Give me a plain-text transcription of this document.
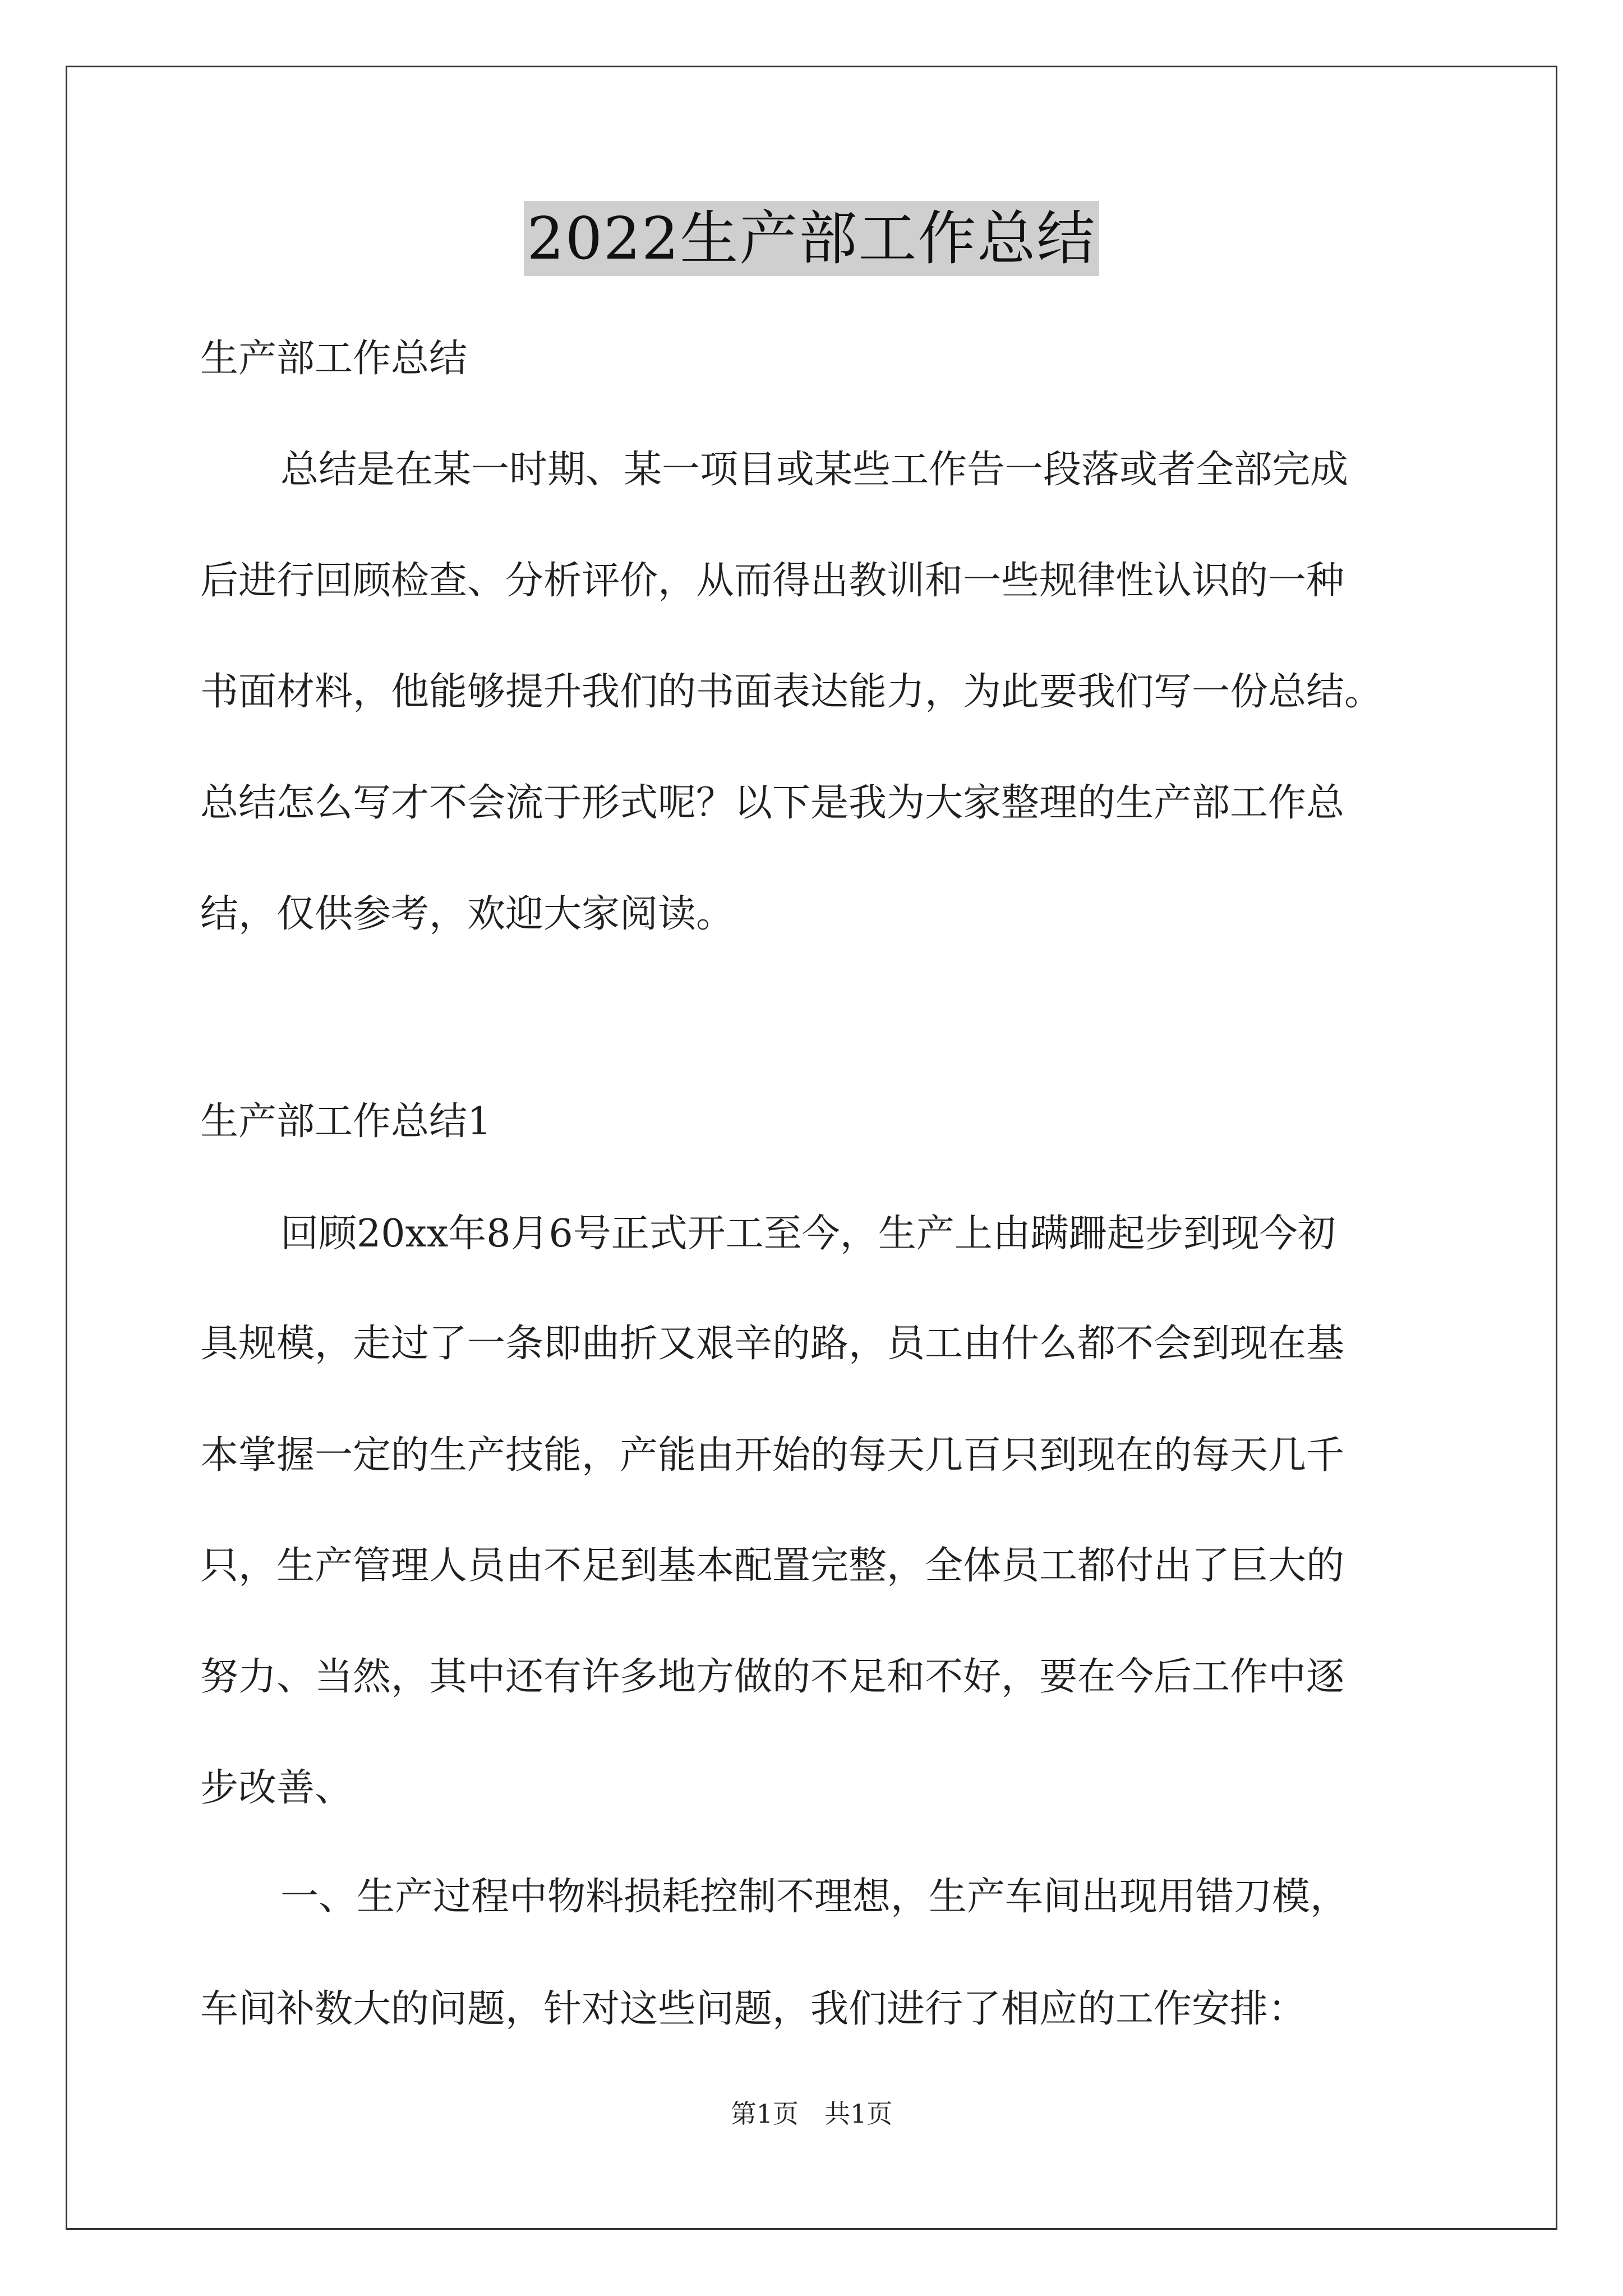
2022生产部工作总结
生产部工作总结
总结是在某一时期、某一项目或某些工作告一段落或者全部完成
后进行回顾检查、分析评价，从而得出教训和一些规律性认识的一种
书面材料，他能够提升我们的书面表达能力，为此要我们写一份总结。
总结怎么写才不会流于形式呢？以下是我为大家整理的生产部工作总
结，仅供参考，欢迎大家阅读。
生产部工作总结1
回顾20xx年8月6号正式开工至今，生产上由蹒跚起步到现今初
具规模，走过了一条即曲折又艰辛的路，员工由什么都不会到现在基
本掌握一定的生产技能，产能由开始的每天几百只到现在的每天几千
只，生产管理人员由不足到基本配置完整，全体员工都付出了巨大的
努力、当然，其中还有许多地方做的不足和不好，要在今后工作中逐
步改善、
一、生产过程中物料损耗控制不理想，生产车间出现用错刀模，
车间补数大的问题，针对这些问题，我们进行了相应的工作安排：
第1页　共1页
